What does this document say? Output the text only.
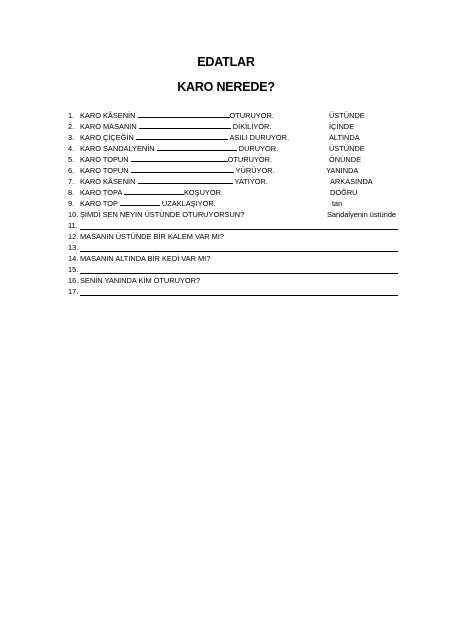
EDATLAR
KARO NEREDE?
1. KARO KÂSENİN	OTURUYOR.	ÜSTÜNDE
2. KARO MASANIN	DİKİLİYOR.	İÇİNDE
3. KARO ÇİÇEĞİN	ASILI DURUYOR.	ALTINDA
4. KARO SANDALYENİN	DURUYOR.	ÜSTÜNDE
5. KARO TOPUN	OTURUYOR.	ÖNÜNDE
6. KARO TOPUN	YÜRÜYOR.	YANINDA
7. KARO KÂSENİN	YATIYOR.	ARKASINDA
8. KARO TOPA	KOŞUYOR.	DOĞRU
9. KARO TOP	UZAKLAŞIYOR.	tan
10. ŞİMDİ SEN NEYİN ÜSTÜNDE OTURUYORSUN?	Sandalyenin üstünde
11.
12. MASANIN ÜSTÜNDE BİR KALEM VAR MI?
13.
14. MASANIN ALTINDA BİR KEDİ VAR MI?
15.
16. SENİN YANINDA KİM OTURUYOR?
17.
